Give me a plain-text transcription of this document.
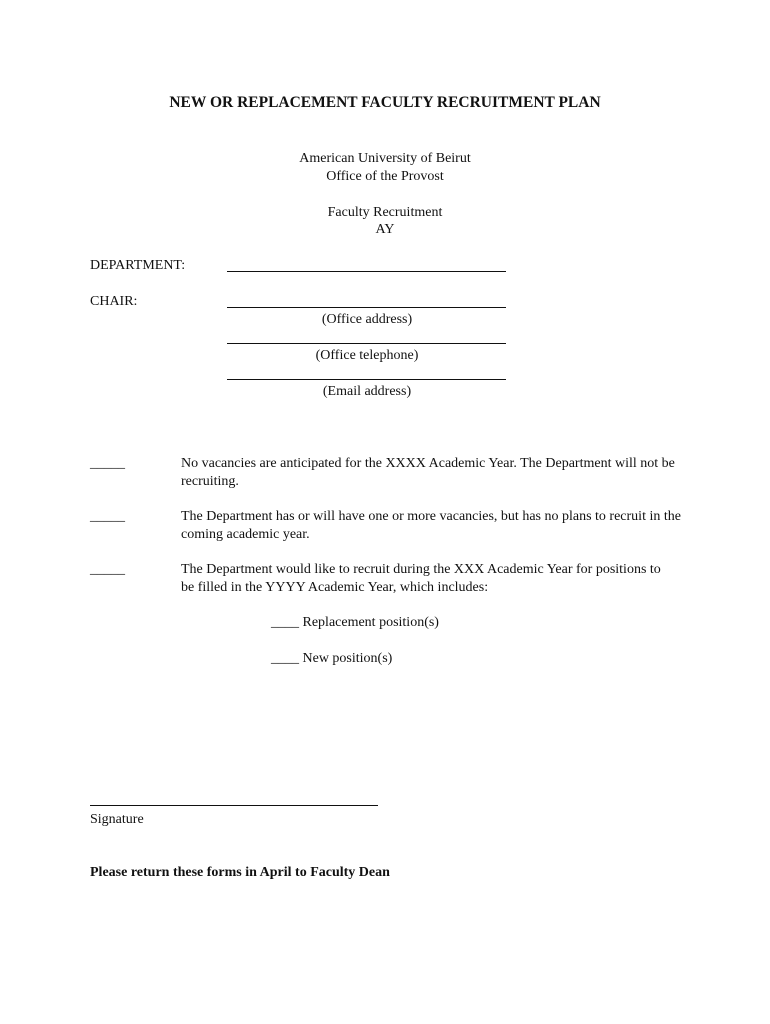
NEW OR REPLACEMENT FACULTY RECRUITMENT PLAN
American University of Beirut
Office of the Provost
Faculty Recruitment
AY
DEPARTMENT:
CHAIR:
(Office address)
(Office telephone)
(Email address)
_____	No vacancies are anticipated for the XXXX Academic Year. The Department will not be recruiting.
_____	The Department has or will have one or more vacancies, but has no plans to recruit in the coming academic year.
_____	The Department would like to recruit during the XXX Academic Year for positions to be filled in the YYYY Academic Year, which includes:
____ Replacement position(s)
____ New position(s)
Signature
Please return these forms in April to Faculty Dean
